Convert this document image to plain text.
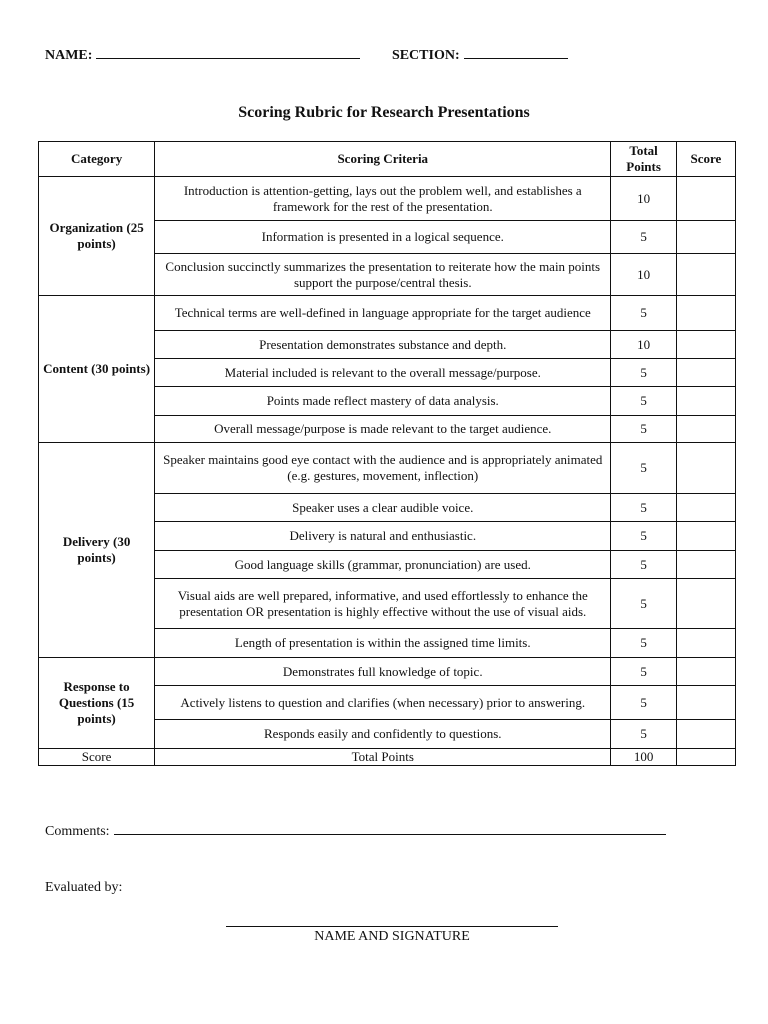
NAME:	SECTION:
Scoring Rubric for Research Presentations
Category	Scoring Criteria	Total Points	Score
Organization (25 points)	Introduction is attention-getting, lays out the problem well, and establishes a framework for the rest of the presentation.	10	
	Information is presented in a logical sequence.	5	
	Conclusion succinctly summarizes the presentation to reiterate how the main points support the purpose/central thesis.	10	
Content (30 points)	Technical terms are well-defined in language appropriate for the target audience	5	
	Presentation demonstrates substance and depth.	10	
	Material included is relevant to the overall message/purpose.	5	
	Points made reflect mastery of data analysis.	5	
	Overall message/purpose is made relevant to the target audience.	5	
Delivery (30 points)	Speaker maintains good eye contact with the audience and is appropriately animated (e.g. gestures, movement, inflection)	5	
	Speaker uses a clear audible voice.	5	
	Delivery is natural and enthusiastic.	5	
	Good language skills (grammar, pronunciation) are used.	5	
	Visual aids are well prepared, informative, and used effortlessly to enhance the presentation OR presentation is highly effective without the use of visual aids.	5	
	Length of presentation is within the assigned time limits.	5	
Response to Questions (15 points)	Demonstrates full knowledge of topic.	5	
	Actively listens to question and clarifies (when necessary) prior to answering.	5	
	Responds easily and confidently to questions.	5	
Score	Total Points	100	
Comments:
Evaluated by:
NAME AND SIGNATURE
